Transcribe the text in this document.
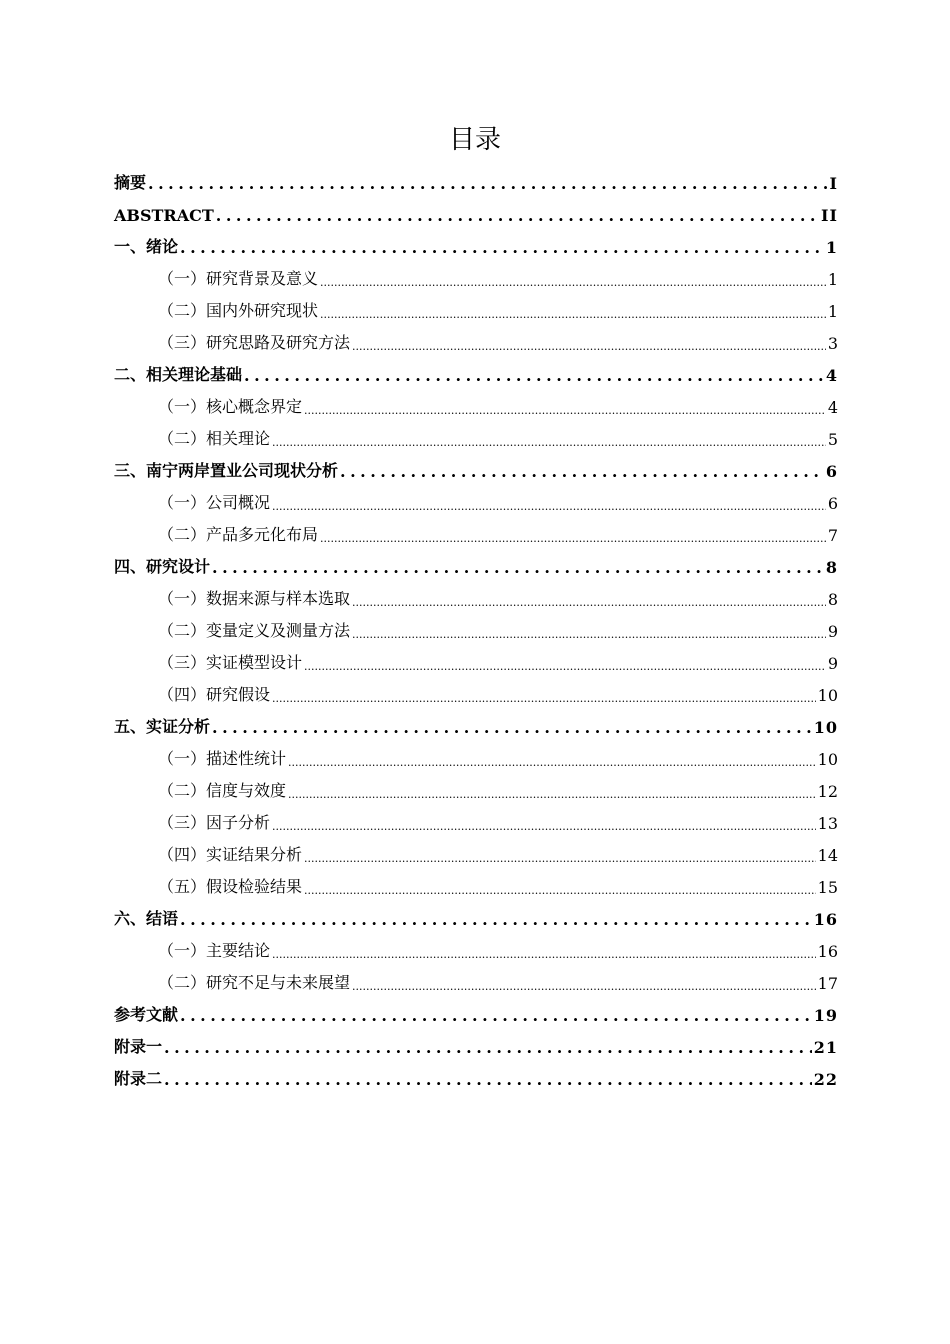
目录
摘要 .....	I
ABSTRACT .....	II
一、绪论 .....	1
（一）研究背景及意义 .....	1
（二）国内外研究现状 .....	1
（三）研究思路及研究方法 .....	3
二、相关理论基础 .....	4
（一）核心概念界定 .....	4
（二）相关理论 .....	5
三、南宁两岸置业公司现状分析 .....	6
（一）公司概况 .....	6
（二）产品多元化布局 .....	7
四、研究设计 .....	8
（一）数据来源与样本选取 .....	8
（二）变量定义及测量方法 .....	9
（三）实证模型设计 .....	9
（四）研究假设 .....	10
五、实证分析 .....	10
（一）描述性统计 .....	10
（二）信度与效度 .....	12
（三）因子分析 .....	13
（四）实证结果分析 .....	14
（五）假设检验结果 .....	15
六、结语 .....	16
（一）主要结论 .....	16
（二）研究不足与未来展望 .....	17
参考文献 .....	19
附录一 .....	21
附录二 .....	22
